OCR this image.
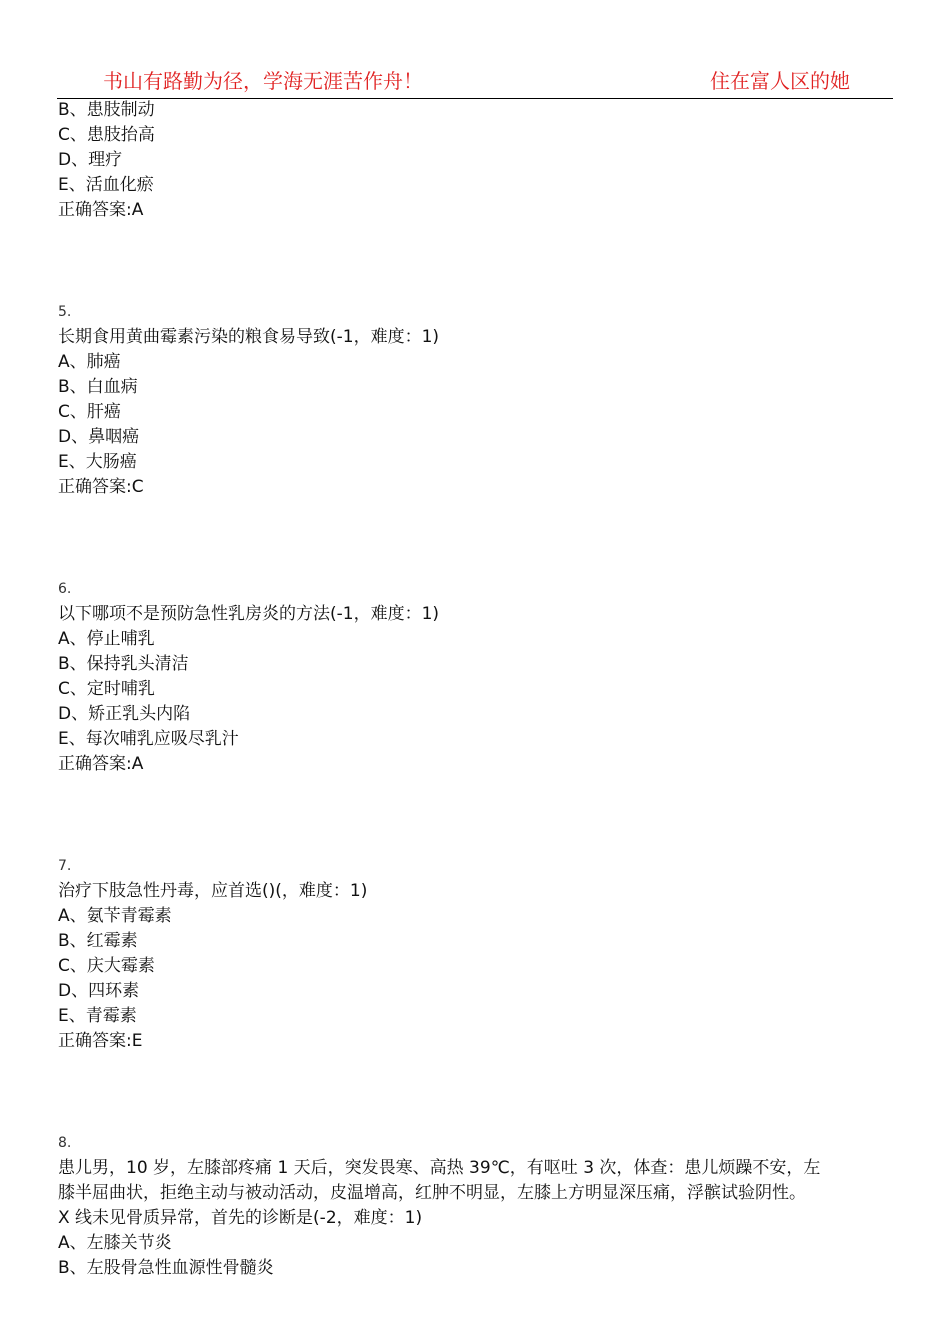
书山有路勤为径，学海无涯苦作舟！	住在富人区的她
B、患肢制动
C、患肢抬高
D、理疗
E、活血化瘀
正确答案:A
5.
长期食用黄曲霉素污染的粮食易导致(-1，难度：1)
A、肺癌
B、白血病
C、肝癌
D、鼻咽癌
E、大肠癌
正确答案:C
6.
以下哪项不是预防急性乳房炎的方法(-1，难度：1)
A、停止哺乳
B、保持乳头清洁
C、定时哺乳
D、矫正乳头内陷
E、每次哺乳应吸尽乳汁
正确答案:A
7.
治疗下肢急性丹毒，应首选()(，难度：1)
A、氨苄青霉素
B、红霉素
C、庆大霉素
D、四环素
E、青霉素
正确答案:E
8.
患儿男，10 岁，左膝部疼痛 1 天后，突发畏寒、高热 39℃，有呕吐 3 次，体查：患儿烦躁不安，左
膝半屈曲状，拒绝主动与被动活动，皮温增高，红肿不明显，左膝上方明显深压痛，浮髌试验阴性。
X 线未见骨质异常，首先的诊断是(-2，难度：1)
A、左膝关节炎
B、左股骨急性血源性骨髓炎
